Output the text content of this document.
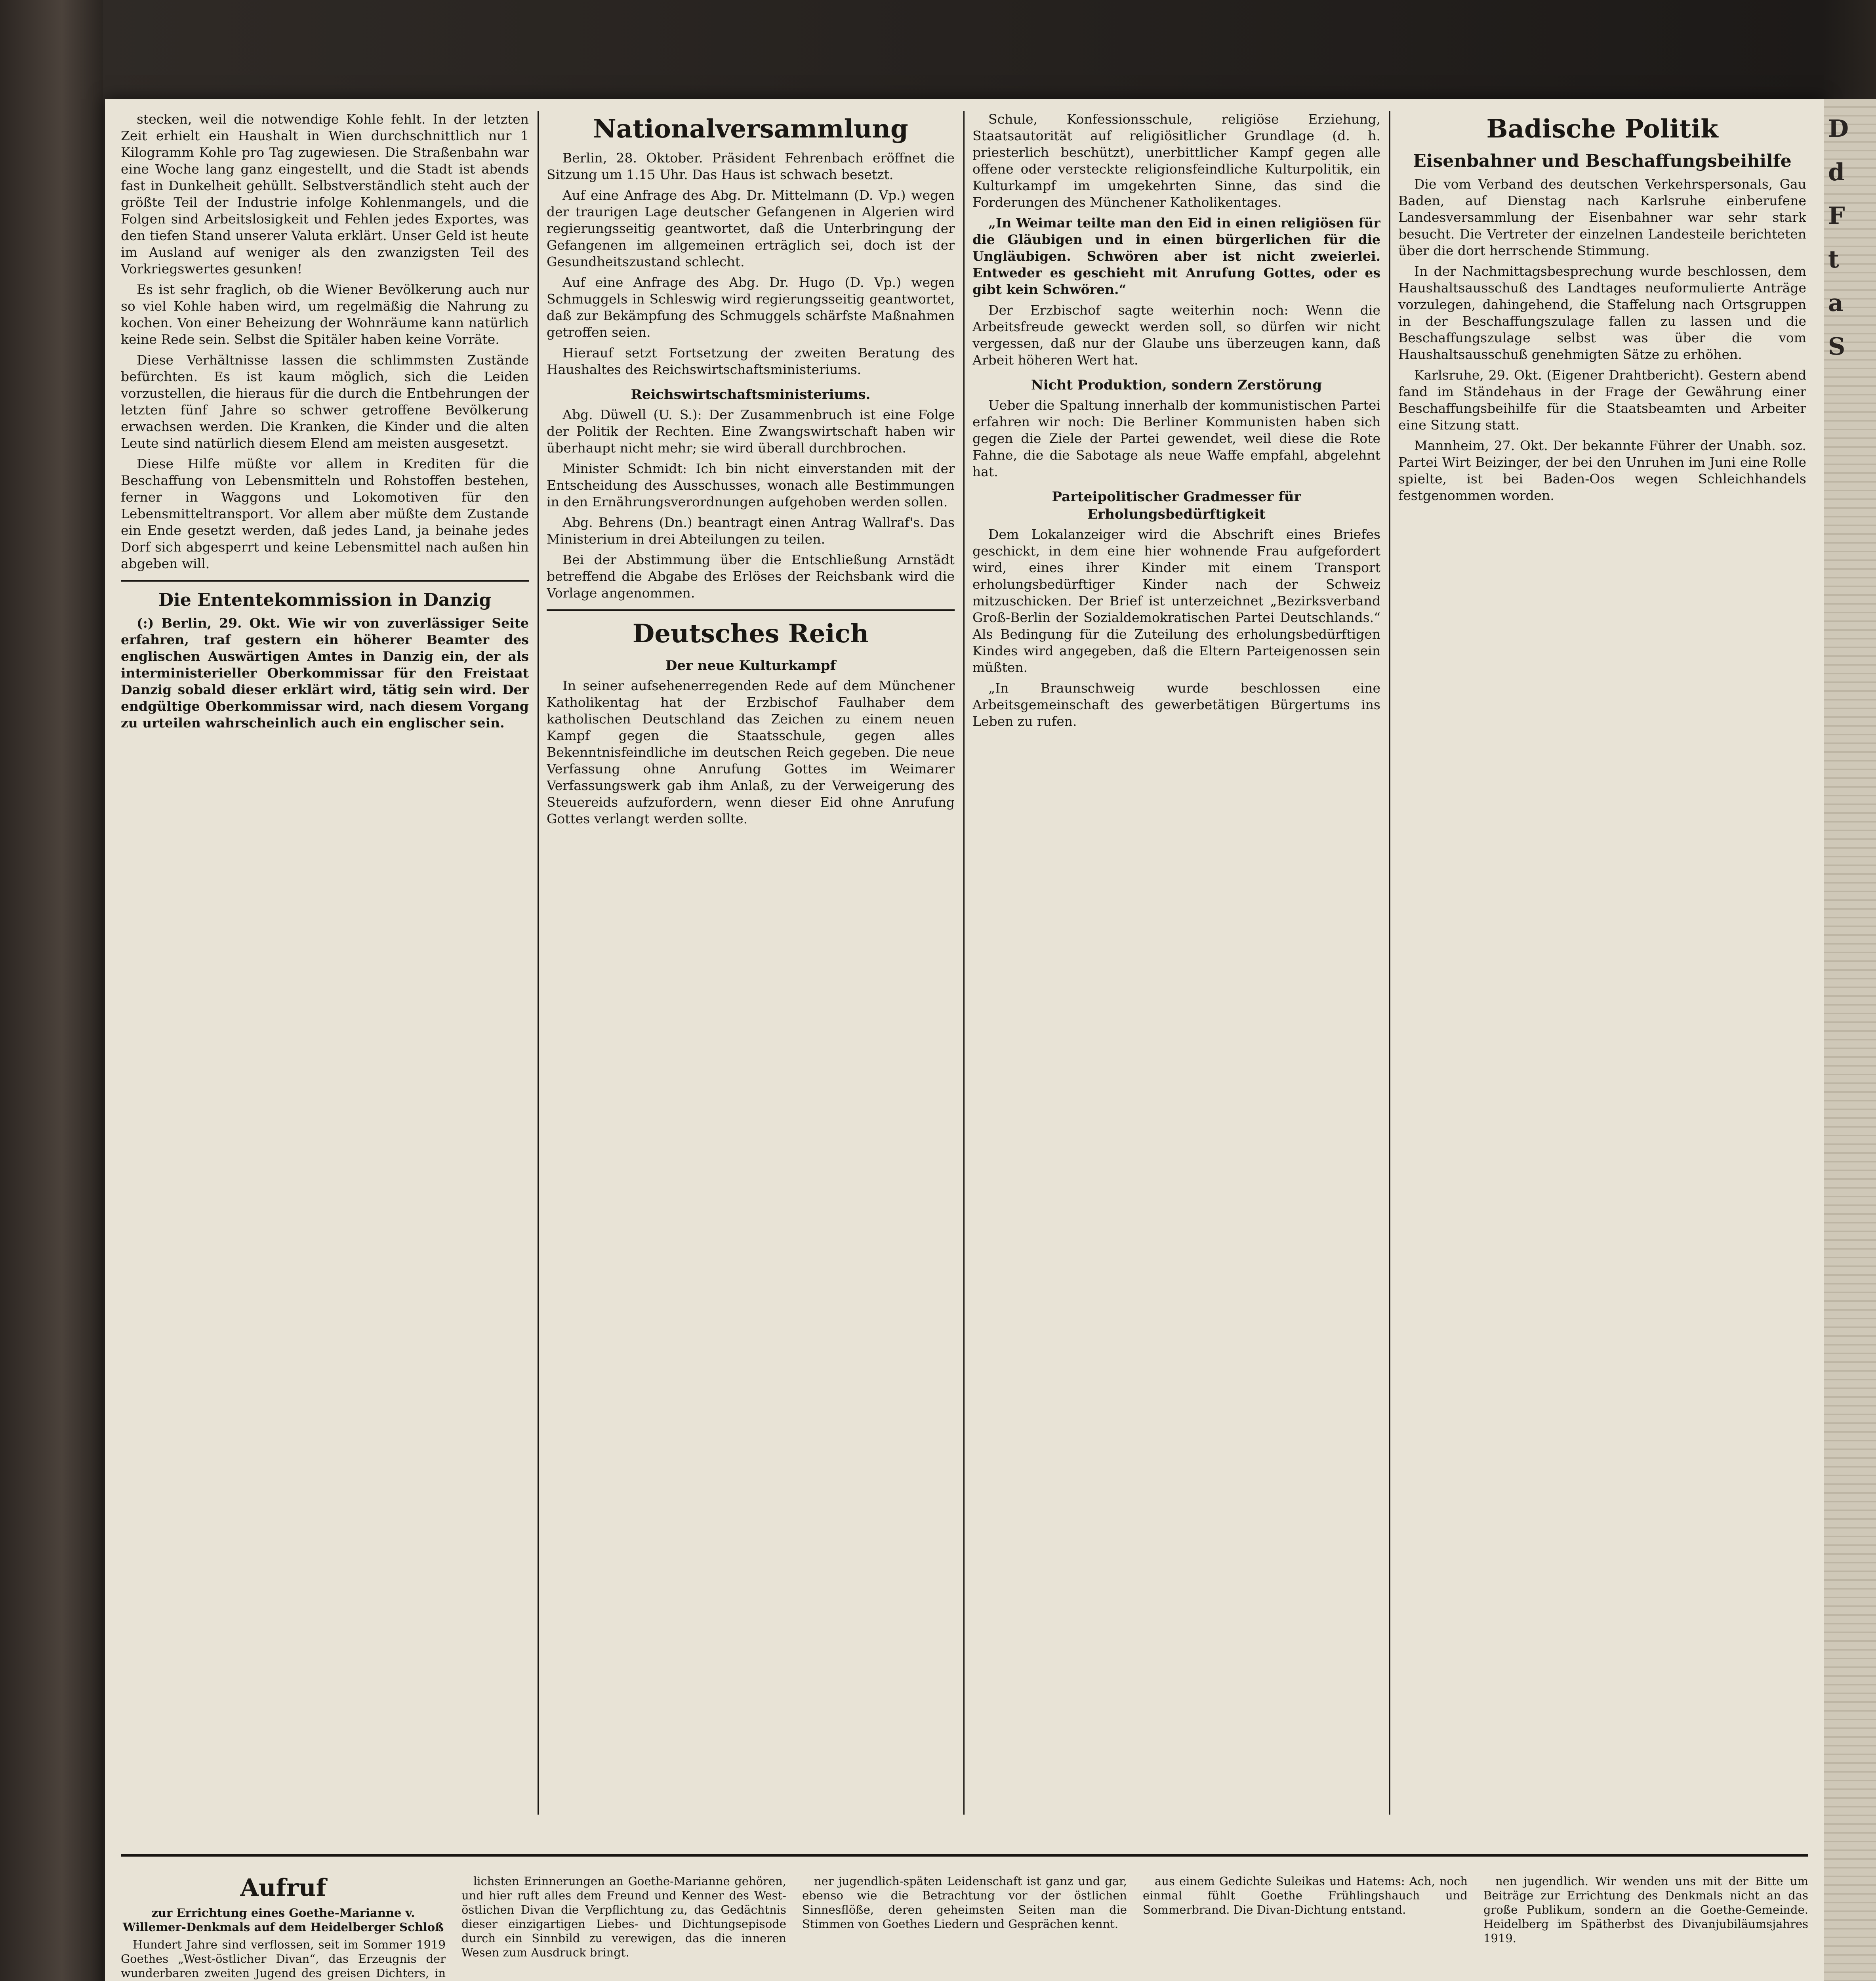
stecken, weil die notwendige Kohle fehlt. In der letzten Zeit erhielt ein Haushalt in Wien durchschnittlich nur 1 Kilogramm Kohle pro Tag zugewiesen. Die Straßenbahn war eine Woche lang ganz eingestellt, und die Stadt ist abends fast in Dunkelheit gehüllt. Selbstverständlich steht auch der größte Teil der Industrie infolge Kohlenmangels, und die Folgen sind Arbeitslosigkeit und Fehlen jedes Exportes, was den tiefen Stand unserer Valuta erklärt. Unser Geld ist heute im Ausland auf weniger als den zwanzigsten Teil des Vorkriegswertes gesunken!

Es ist sehr fraglich, ob die Wiener Bevölkerung auch nur so viel Kohle haben wird, um regelmäßig die Nahrung zu kochen. Von einer Beheizung der Wohnräume kann natürlich keine Rede sein. Selbst die Spitäler haben keine Vorräte.

Diese Verhältnisse lassen die schlimmsten Zustände befürchten. Es ist kaum möglich, sich die Leiden vorzustellen, die hieraus für die durch die Entbehrungen der letzten fünf Jahre so schwer getroffene Bevölkerung erwachsen werden. Die Kranken, die Kinder und die alten Leute sind natürlich diesem Elend am meisten ausgesetzt.

Diese Hilfe müßte vor allem in Krediten für die Beschaffung von Lebensmitteln und Rohstoffen bestehen, ferner in Waggons und Lokomotiven für den Lebensmitteltransport. Vor allem aber müßte dem Zustande ein Ende gesetzt werden, daß jedes Land, ja beinahe jedes Dorf sich abgesperrt und keine Lebensmittel nach außen hin abgeben will.

Die Ententekommission in Danzig

(:) Berlin, 29. Okt. Wie wir von zuverlässiger Seite erfahren, traf gestern ein höherer Beamter des englischen Auswärtigen Amtes in Danzig ein, der als interministerieller Oberkommissar für den Freistaat Danzig sobald dieser erklärt wird, tätig sein wird. Der endgültige Oberkommissar wird, nach diesem Vorgang zu urteilen wahrscheinlich auch ein englischer sein.

Nationalversammlung

Berlin, 28. Oktober. Präsident Fehrenbach eröffnet die Sitzung um 1.15 Uhr. Das Haus ist schwach besetzt.

Auf eine Anfrage des Abg. Dr. Mittelmann (D. Vp.) wegen der traurigen Lage deutscher Gefangenen in Algerien wird regierungsseitig geantwortet, daß die Unterbringung der Gefangenen im allgemeinen erträglich sei, doch ist der Gesundheitszustand schlecht.

Auf eine Anfrage des Abg. Dr. Hugo (D. Vp.) wegen Schmuggels in Schleswig wird regierungsseitig geantwortet, daß zur Bekämpfung des Schmuggels schärfste Maßnahmen getroffen seien.

Hierauf setzt Fortsetzung der zweiten Beratung des Haushaltes des Reichswirtschaftsministeriums.

Reichswirtschaftsministeriums.

Abg. Düwell (U. S.): Der Zusammenbruch ist eine Folge der Politik der Rechten. Eine Zwangswirtschaft haben wir überhaupt nicht mehr; sie wird überall durchbrochen.

Minister Schmidt: Ich bin nicht einverstanden mit der Entscheidung des Ausschusses, wonach alle Bestimmungen in den Ernährungsverordnungen aufgehoben werden sollen.

Abg. Behrens (Dn.) beantragt einen Antrag Wallraf's. Das Ministerium in drei Abteilungen zu teilen.

Bei der Abstimmung über die Entschließung Arnstädt betreffend die Abgabe des Erlöses der Reichsbank wird die Vorlage angenommen.

Deutsches Reich
Der neue Kulturkampf

In seiner aufsehenerregenden Rede auf dem Münchener Katholikentag hat der Erzbischof Faulhaber dem katholischen Deutschland das Zeichen zu einem neuen Kampf gegen die Staatsschule, gegen alles Bekenntnisfeindliche im deutschen Reich gegeben. Die neue Verfassung ohne Anrufung Gottes im Weimarer Verfassungswerk gab ihm Anlaß, zu der Verweigerung des Steuereids aufzufordern, wenn dieser Eid ohne Anrufung Gottes verlangt werden sollte.

Schule, Konfessionsschule, religiöse Erziehung, Staatsautorität auf religiösitlicher Grundlage (d. h. priesterlich beschützt), unerbittlicher Kampf gegen alle offene oder versteckte religionsfeindliche Kulturpolitik, ein Kulturkampf im umgekehrten Sinne, das sind die Forderungen des Münchener Katholikentages.

„In Weimar teilte man den Eid in einen religiösen für die Gläubigen und in einen bürgerlichen für die Ungläubigen. Schwören aber ist nicht zweierlei. Entweder es geschieht mit Anrufung Gottes, oder es gibt kein Schwören.“

Der Erzbischof sagte weiterhin noch: Wenn die Arbeitsfreude geweckt werden soll, so dürfen wir nicht vergessen, daß nur der Glaube uns überzeugen kann, daß Arbeit höheren Wert hat.

Nicht Produktion, sondern Zerstörung

Ueber die Spaltung innerhalb der kommunistischen Partei erfahren wir noch: Die Berliner Kommunisten haben sich gegen die Ziele der Partei gewendet, weil diese die Rote Fahne, die die Sabotage als neue Waffe empfahl, abgelehnt hat.

Parteipolitischer Gradmesser für Erholungsbedürftigkeit

Dem Lokalanzeiger wird die Abschrift eines Briefes geschickt, in dem eine hier wohnende Frau aufgefordert wird, eines ihrer Kinder mit einem Transport erholungsbedürftiger Kinder nach der Schweiz mitzuschicken. Der Brief ist unterzeichnet „Bezirksverband Groß-Berlin der Sozialdemokratischen Partei Deutschlands.“ Als Bedingung für die Zuteilung des erholungsbedürftigen Kindes wird angegeben, daß die Eltern Parteigenossen sein müßten.

„In Braunschweig wurde beschlossen eine Arbeitsgemeinschaft des gewerbetätigen Bürgertums ins Leben zu rufen.

Badische Politik
Eisenbahner und Beschaffungsbeihilfe

Die vom Verband des deutschen Verkehrspersonals, Gau Baden, auf Dienstag nach Karlsruhe einberufene Landesversammlung der Eisenbahner war sehr stark besucht. Die Vertreter der einzelnen Landesteile berichteten über die dort herrschende Stimmung.

In der Nachmittagsbesprechung wurde beschlossen, dem Haushaltsausschuß des Landtages neuformulierte Anträge vorzulegen, dahingehend, die Staffelung nach Ortsgruppen in der Beschaffungszulage fallen zu lassen und die Beschaffungszulage selbst was über die vom Haushaltsausschuß genehmigten Sätze zu erhöhen.

Karlsruhe, 29. Okt. (Eigener Drahtbericht). Gestern abend fand im Ständehaus in der Frage der Gewährung einer Beschaffungsbeihilfe für die Staatsbeamten und Arbeiter eine Sitzung statt.

Mannheim, 27. Okt. Der bekannte Führer der Unabh. soz. Partei Wirt Beizinger, der bei den Unruhen im Juni eine Rolle spielte, ist bei Baden-Oos wegen Schleichhandels festgenommen worden.

Aufruf

zur Errichtung eines Goethe-Marianne v. Willemer-Denkmals auf dem Heidelberger Schloß

Hundert Jahre sind verflossen, seit im Sommer 1919 Goethes „West-östlicher Divan“, das Erzeugnis der wunderbaren zweiten Jugend des greisen Dichters, in

lichsten Erinnerungen an Goethe-Marianne gehören, und hier ruft alles dem Freund und Kenner des West-östlichen Divan die Verpflichtung zu, das Gedächtnis dieser einzigartigen Liebes- und Dichtungsepisode durch ein Sinnbild zu verewigen, das die inneren Wesen zum Ausdruck bringt.

ner jugendlich-späten Leidenschaft ist ganz und gar, ebenso wie die Betrachtung vor der östlichen Sinnesflöße, deren geheimsten Seiten man die Stimmen von Goethes Liedern und Gesprächen kennt.

aus einem Gedichte Suleikas und Hatems: Ach, noch einmal fühlt Goethe Frühlingshauch und Sommerbrand. Die Divan-Dichtung entstand.

nen jugendlich. Wir wenden uns mit der Bitte um Beiträge zur Errichtung des Denkmals nicht an das große Publikum, sondern an die Goethe-Gemeinde. Heidelberg im Spätherbst des Divanjubiläumsjahres 1919.

D
d
F
t
a
S
